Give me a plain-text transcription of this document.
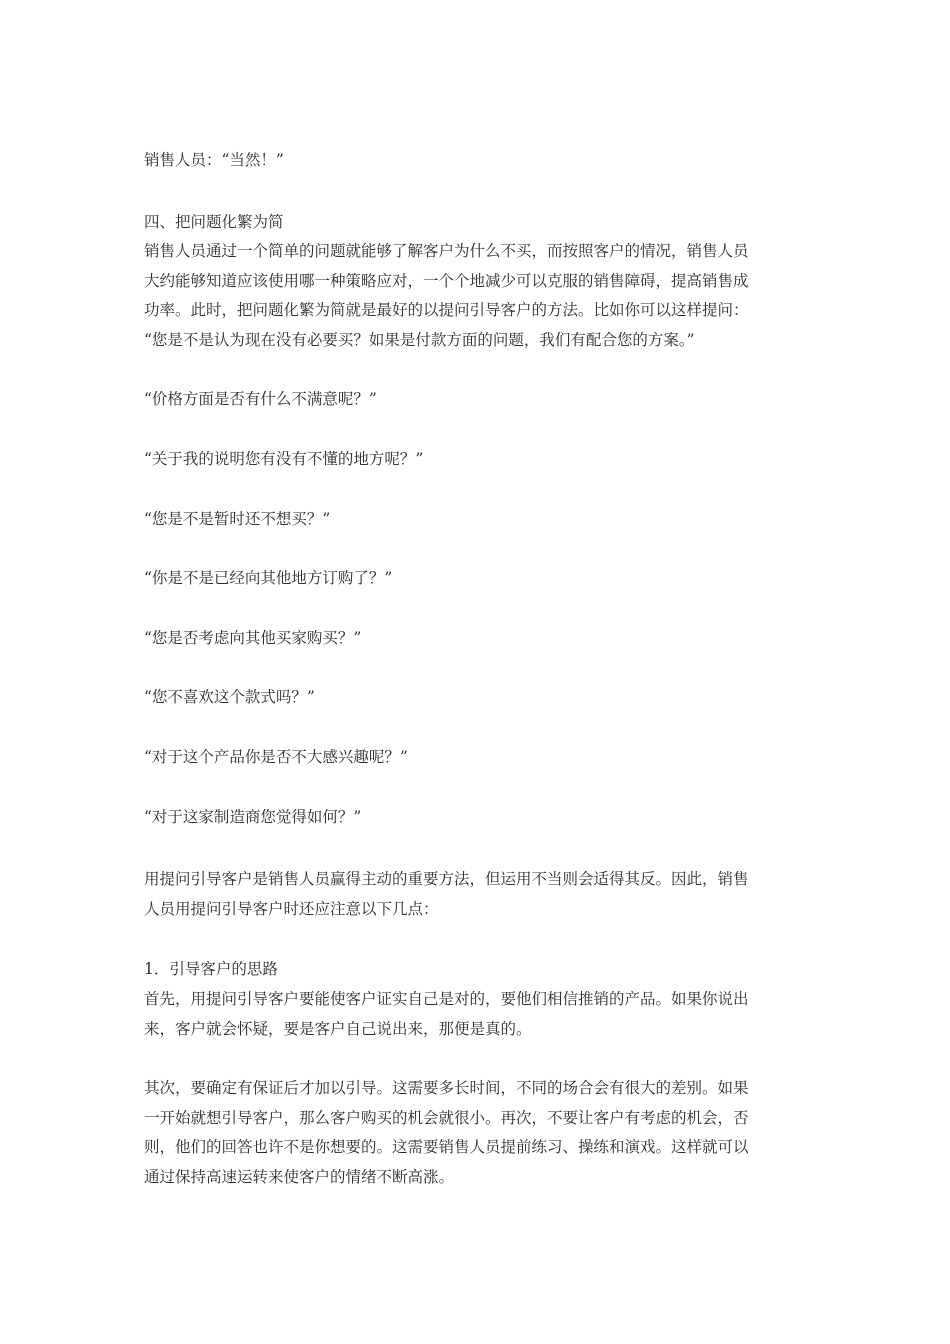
销售人员：“当然！”

四、把问题化繁为简

销售人员通过一个简单的问题就能够了解客户为什么不买，而按照客户的情况，销售人员
大约能够知道应该使用哪一种策略应对，一个个地减少可以克服的销售障碍，提高销售成
功率。此时，把问题化繁为简就是最好的以提问引导客户的方法。比如你可以这样提问：
“您是不是认为现在没有必要买？如果是付款方面的问题，我们有配合您的方案。”

“价格方面是否有什么不满意呢？”

“关于我的说明您有没有不懂的地方呢？”

“您是不是暂时还不想买？”

“你是不是已经向其他地方订购了？”

“您是否考虑向其他买家购买？”

“您不喜欢这个款式吗？”

“对于这个产品你是否不大感兴趣呢？”

“对于这家制造商您觉得如何？”

用提问引导客户是销售人员赢得主动的重要方法，但运用不当则会适得其反。因此，销售
人员用提问引导客户时还应注意以下几点：

1．引导客户的思路

首先，用提问引导客户要能使客户证实自己是对的，要他们相信推销的产品。如果你说出
来，客户就会怀疑，要是客户自己说出来，那便是真的。

其次，要确定有保证后才加以引导。这需要多长时间，不同的场合会有很大的差别。如果
一开始就想引导客户，那么客户购买的机会就很小。再次，不要让客户有考虑的机会，否
则，他们的回答也许不是你想要的。这需要销售人员提前练习、操练和演戏。这样就可以
通过保持高速运转来使客户的情绪不断高涨。
